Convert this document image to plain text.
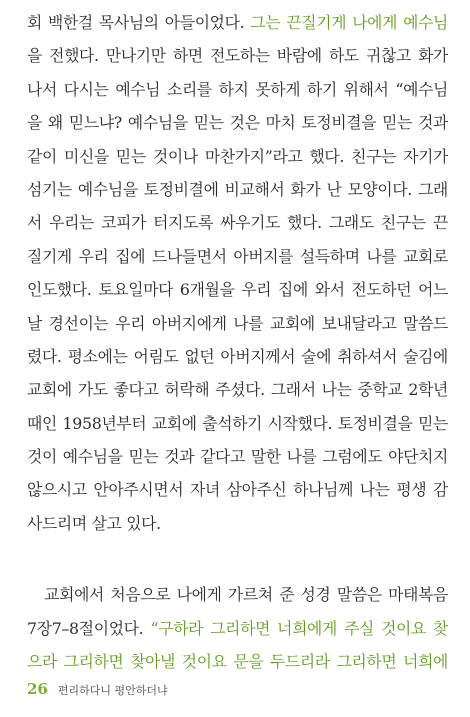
회 백한걸 목사님의 아들이었다. 그는 끈질기게 나에게 예수님
을 전했다. 만나기만 하면 전도하는 바람에 하도 귀찮고 화가
나서 다시는 예수님 소리를 하지 못하게 하기 위해서 “예수님
을 왜 믿느냐? 예수님을 믿는 것은 마치 토정비결을 믿는 것과
같이 미신을 믿는 것이나 마찬가지”라고 했다. 친구는 자기가
섬기는 예수님을 토정비결에 비교해서 화가 난 모양이다. 그래
서 우리는 코피가 터지도록 싸우기도 했다. 그래도 친구는 끈
질기게 우리 집에 드나들면서 아버지를 설득하며 나를 교회로
인도했다. 토요일마다 6개월을 우리 집에 와서 전도하던 어느
날 경선이는 우리 아버지에게 나를 교회에 보내달라고 말씀드
렸다. 평소에는 어림도 없던 아버지께서 술에 취하셔서 술김에
교회에 가도 좋다고 허락해 주셨다. 그래서 나는 중학교 2학년
때인 1958년부터 교회에 출석하기 시작했다. 토정비결을 믿는
것이 예수님을 믿는 것과 같다고 말한 나를 그럼에도 야단치지
않으시고 안아주시면서 자녀 삼아주신 하나님께 나는 평생 감
사드리며 살고 있다.
　교회에서 처음으로 나에게 가르쳐 준 성경 말씀은 마태복음
7장7–8절이었다. “구하라 그리하면 너희에게 주실 것이요 찾
으라 그리하면 찾아낼 것이요 문을 두드리라 그리하면 너희에
26 편리하다니 평안하더냐
